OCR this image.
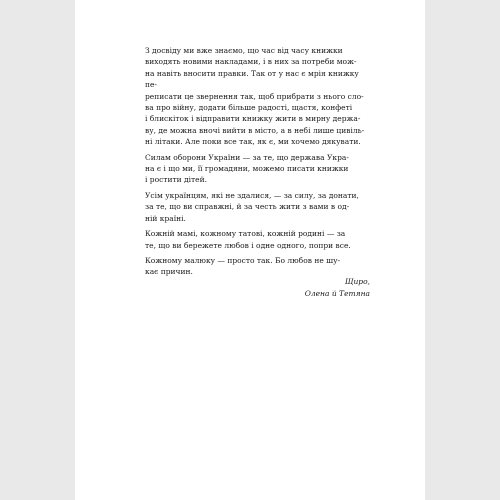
З досвіду ми вже знаємо, що час від часу книжки
виходять новими накладами, і в них за потреби мож-
на навіть вносити правки. Так от у нас є мрія книжку пе-
реписати це звернення так, щоб прибрати з нього сло-
ва про війну, додати більше радості, щастя, конфеті
і блискіток і відправити книжку жити в мирну держа-
ву, де можна вночі вийти в місто, а в небі лише цивіль-
ні літаки. Але поки все так, як є, ми хочемо дякувати.

Силам оборони України — за те, що держава Укра-
на є і що ми, її громадяни, можемо писати книжки
і ростити дітей.

Усім українцям, які не здалися, — за силу, за донати,
за те, що ви справжні, й за честь жити з вами в од-
ній країні.

Кожній мамі, кожному татові, кожній родині — за
те, що ви бережете любов і одне одного, попри все.

Кожному малюку — просто так. Бо любов не шу-
кає причин.

Щиро,
Олена й Тетяна
